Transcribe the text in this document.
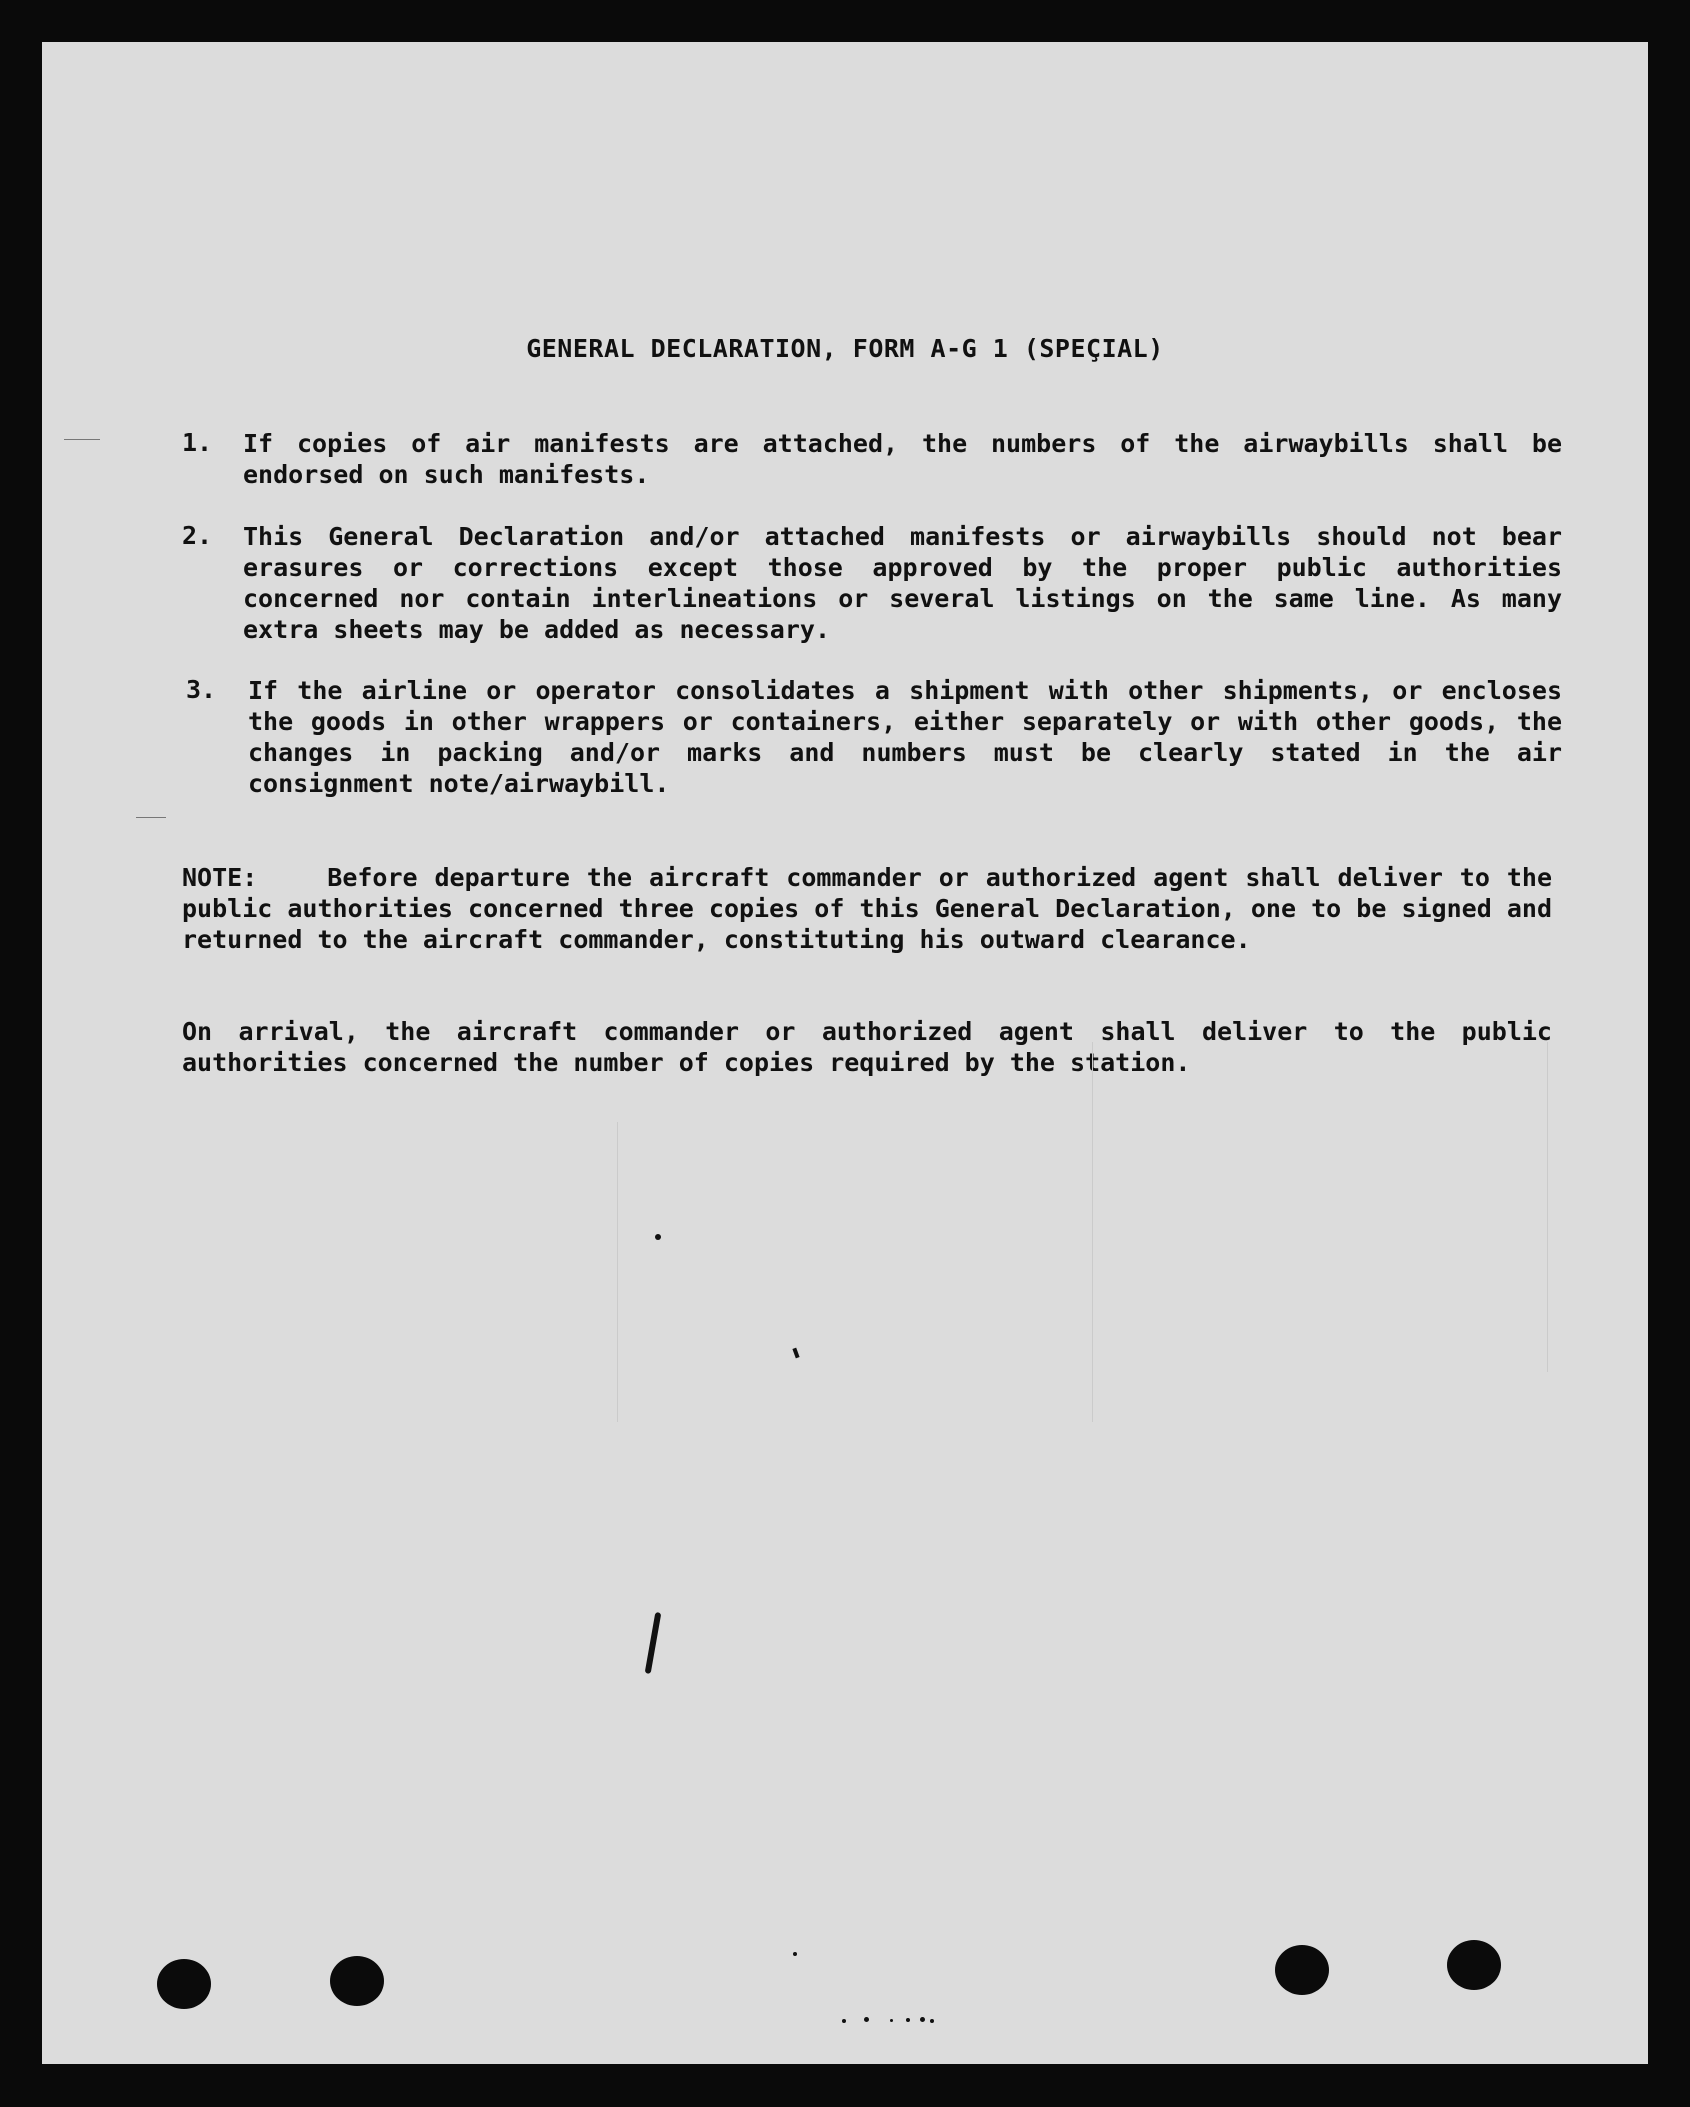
GENERAL DECLARATION, FORM A-G 1 (SPEÇIAL)
1.	If copies of air manifests are attached, the numbers of the airwaybills shall be endorsed on such manifests.
2.	This General Declaration and/or attached manifests or airwaybills should not bear erasures or corrections except those approved by the proper public authorities concerned nor contain interlineations or several listings on the same line. As many extra sheets may be added as necessary.
3.	If the airline or operator consolidates a shipment with other shipments, or encloses the goods in other wrappers or containers, either separately or with other goods, the changes in packing and/or marks and numbers must be clearly stated in the air consignment note/airwaybill.
NOTE:	Before departure the aircraft commander or authorized agent shall deliver to the public authorities concerned three copies of this General Declaration, one to be signed and returned to the aircraft commander, constituting his outward clearance.
On arrival, the aircraft commander or authorized agent shall deliver to the public authorities concerned the number of copies required by the station.
